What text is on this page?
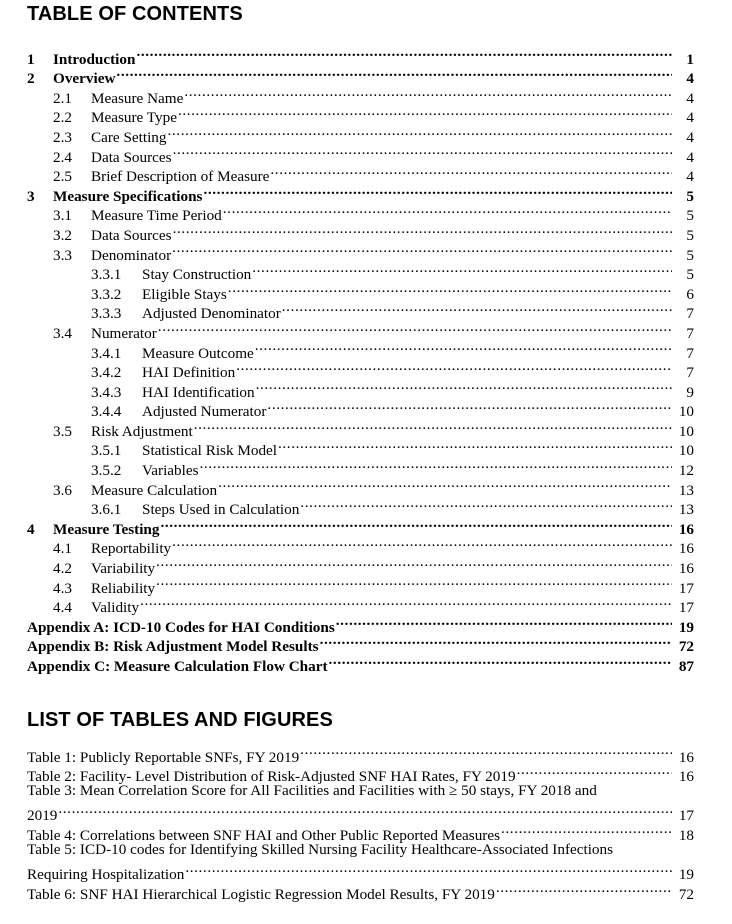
TABLE OF CONTENTS
1	Introduction .....	1
2	Overview .....	4
2.1	Measure Name .....	4
2.2	Measure Type .....	4
2.3	Care Setting .....	4
2.4	Data Sources .....	4
2.5	Brief Description of Measure .....	4
3	Measure Specifications .....	5
3.1	Measure Time Period .....	5
3.2	Data Sources .....	5
3.3	Denominator .....	5
3.3.1	Stay Construction .....	5
3.3.2	Eligible Stays .....	6
3.3.3	Adjusted Denominator .....	7
3.4	Numerator .....	7
3.4.1	Measure Outcome .....	7
3.4.2	HAI Definition .....	7
3.4.3	HAI Identification .....	9
3.4.4	Adjusted Numerator .....	10
3.5	Risk Adjustment .....	10
3.5.1	Statistical Risk Model .....	10
3.5.2	Variables .....	12
3.6	Measure Calculation .....	13
3.6.1	Steps Used in Calculation .....	13
4	Measure Testing .....	16
4.1	Reportability .....	16
4.2	Variability .....	16
4.3	Reliability .....	17
4.4	Validity .....	17
Appendix A: ICD-10 Codes for HAI Conditions .....	19
Appendix B: Risk Adjustment Model Results .....	72
Appendix C: Measure Calculation Flow Chart .....	87
LIST OF TABLES AND FIGURES
Table 1: Publicly Reportable SNFs, FY 2019 .....	16
Table 2: Facility- Level Distribution of Risk-Adjusted SNF HAI Rates, FY 2019 .....	16
Table 3: Mean Correlation Score for All Facilities and Facilities with ≥ 50 stays, FY 2018 and
2019 .....	17
Table 4: Correlations between SNF HAI and Other Public Reported Measures .....	18
Table 5: ICD-10 codes for Identifying Skilled Nursing Facility Healthcare-Associated Infections
Requiring Hospitalization .....	19
Table 6: SNF HAI Hierarchical Logistic Regression Model Results, FY 2019 .....	72
